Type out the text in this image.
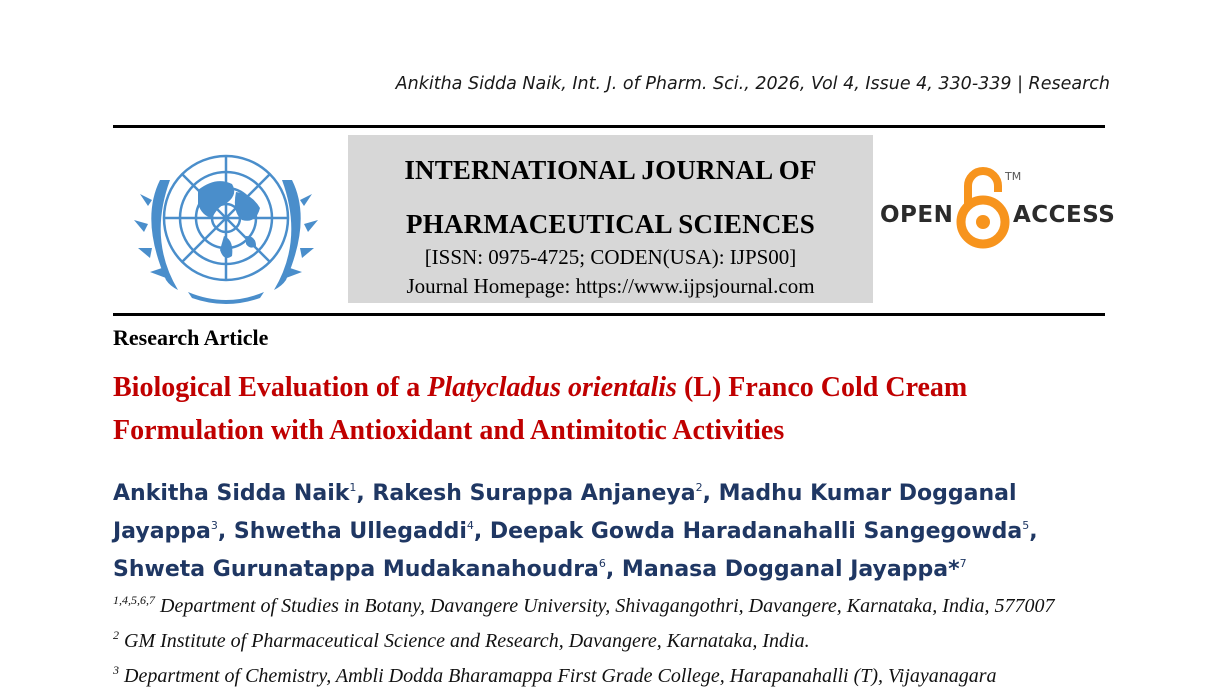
Ankitha Sidda Naik, Int. J. of Pharm. Sci., 2026, Vol 4, Issue 4, 330-339 | Research
INTERNATIONAL JOURNAL OF
PHARMACEUTICAL SCIENCES
[ISSN: 0975-4725; CODEN(USA): IJPS00]
Journal Homepage: https://www.ijpsjournal.com
OPEN
TM
ACCESS
Research Article
Biological Evaluation of a Platycladus orientalis (L) Franco Cold Cream Formulation with Antioxidant and Antimitotic Activities
Ankitha Sidda Naik$^1$, Rakesh Surappa Anjaneya$^2$, Madhu Kumar Dogganal Jayappa$^3$, Shwetha Ullegaddi$^4$, Deepak Gowda Haradanahalli Sangegowda$^5$, Shweta Gurunatappa Mudakanahoudra$^6$, Manasa Dogganal Jayappa*$^7$
$^{1,4,5,6,7}$ Department of Studies in Botany, Davangere University, Shivagangothri, Davangere, Karnataka, India, 577007
$^2$ GM Institute of Pharmaceutical Science and Research, Davangere, Karnataka, India.
$^3$ Department of Chemistry, Ambli Dodda Bharamappa First Grade College, Harapanahalli (T), Vijayanagara
